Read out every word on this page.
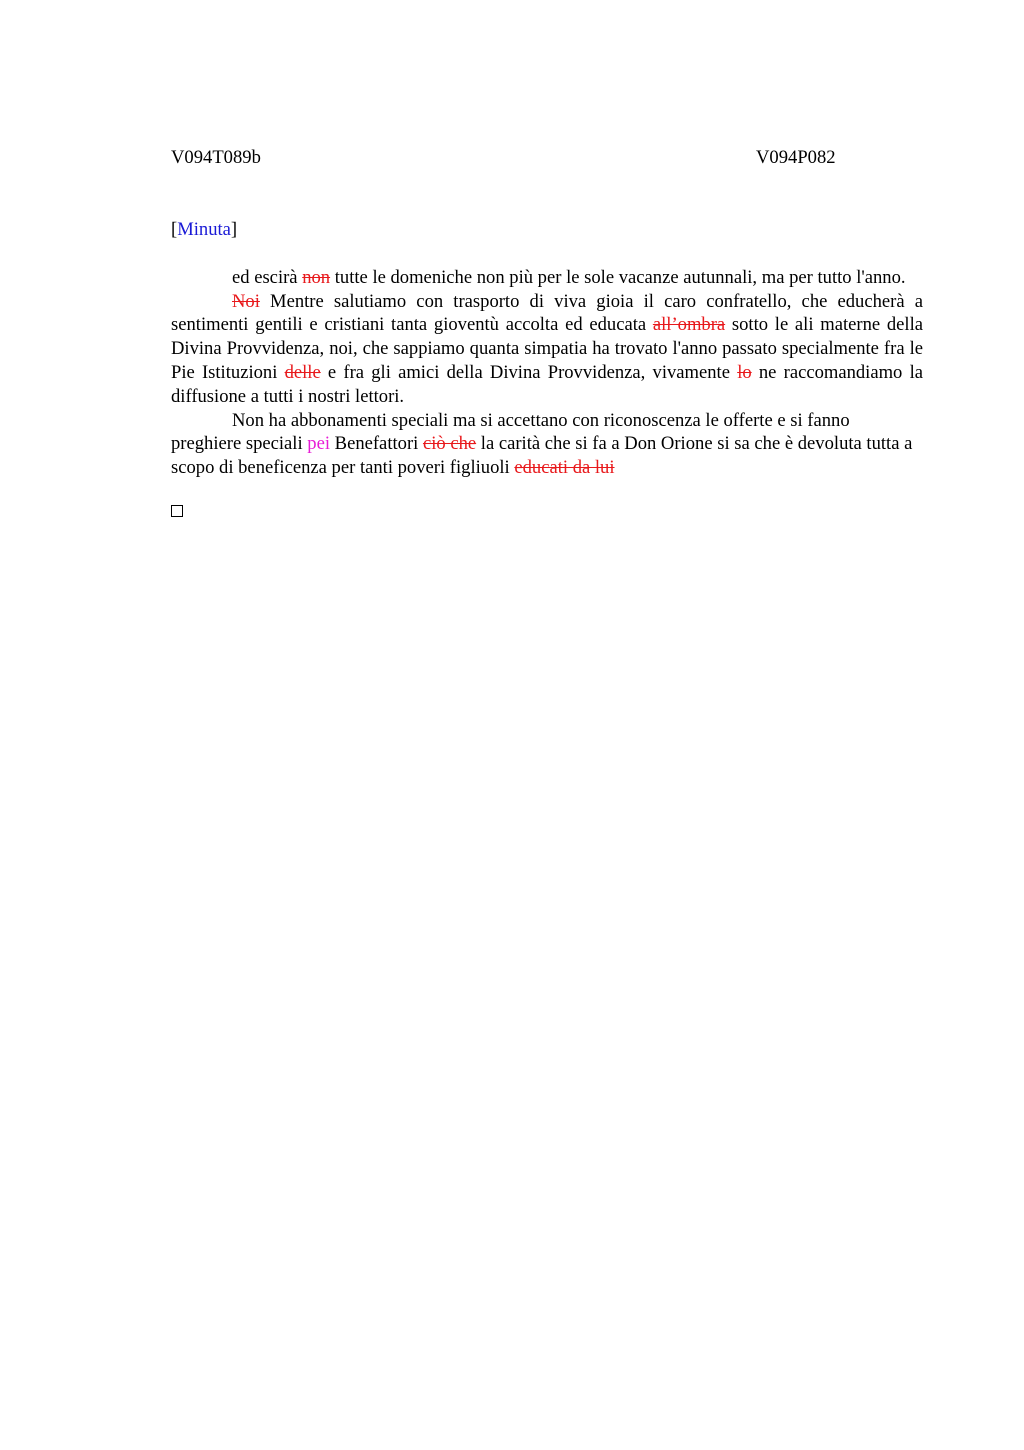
V094T089b	V094P082
[Minuta]

ed escirà non tutte le domeniche non più per le sole vacanze autunnali, ma per tutto l'anno.

Noi Mentre salutiamo con trasporto di viva gioia il caro confratello, che educherà a sentimenti gentili e cristiani tanta gioventù accolta ed educata all’ombra sotto le ali materne della Divina Provvidenza, noi, che sappiamo quanta simpatia ha trovato l'anno passato specialmente fra le Pie Istituzioni delle e fra gli amici della Divina Provvidenza, vivamente lo ne raccomandiamo la diffusione a tutti i nostri lettori.

Non ha abbonamenti speciali ma si accettano con riconoscenza le offerte e si fanno preghiere speciali pei Benefattori ciò che la carità che si fa a Don Orione si sa che è devoluta tutta a scopo di beneficenza per tanti poveri figliuoli educati da lui
